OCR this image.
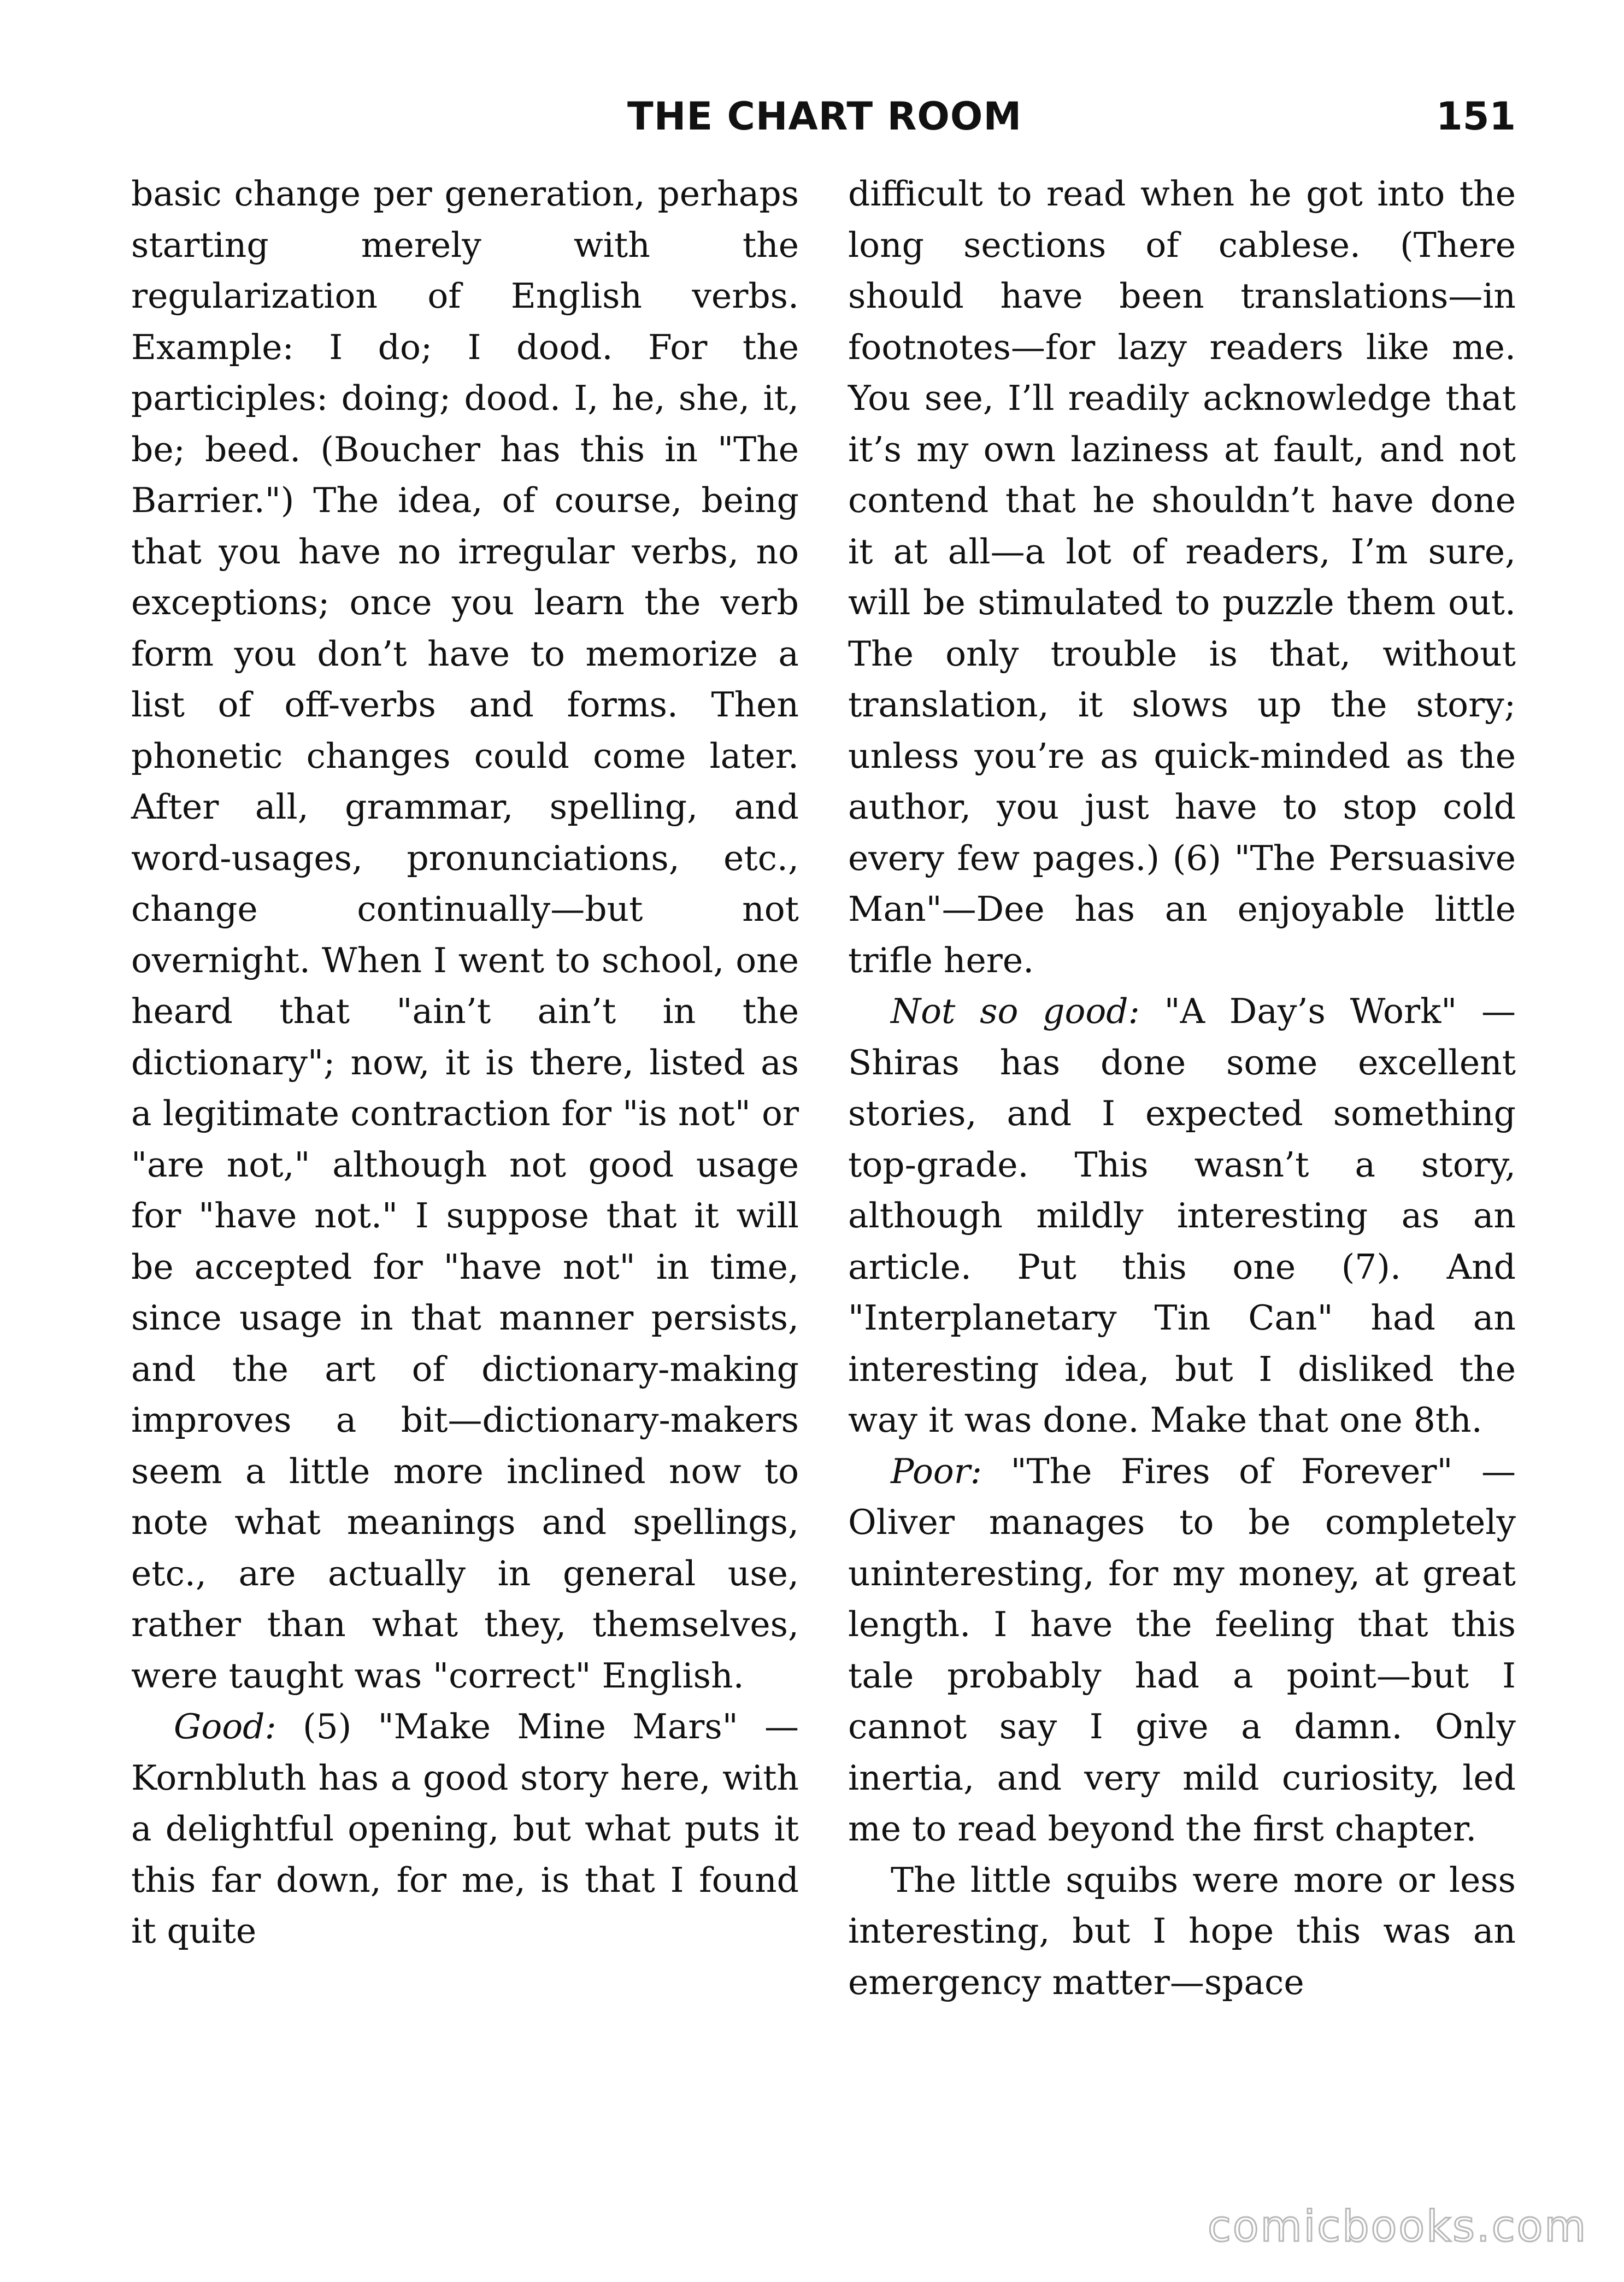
THE CHART ROOM	151

basic change per generation, perhaps starting merely with the regularization of English verbs. Example: I do; I dood. For the participles: doing; dood. I, he, she, it, be; beed. (Boucher has this in "The Barrier.") The idea, of course, being that you have no irregular verbs, no exceptions; once you learn the verb form you don’t have to memorize a list of off-verbs and forms. Then phonetic changes could come later. After all, grammar, spelling, and word-usages, pronunciations, etc., change continually—but not overnight. When I went to school, one heard that "ain’t ain’t in the dictionary"; now, it is there, listed as a legitimate contraction for "is not" or "are not," although not good usage for "have not." I suppose that it will be accepted for "have not" in time, since usage in that manner persists, and the art of dictionary-making improves a bit—dictionary-makers seem a little more inclined now to note what meanings and spellings, etc., are actually in general use, rather than what they, themselves, were taught was "correct" English.

Good: (5) "Make Mine Mars" —Kornbluth has a good story here, with a delightful opening, but what puts it this far down, for me, is that I found it quite

difficult to read when he got into the long sections of cablese. (There should have been translations—in footnotes—for lazy readers like me. You see, I’ll readily acknowledge that it’s my own laziness at fault, and not contend that he shouldn’t have done it at all—a lot of readers, I’m sure, will be stimulated to puzzle them out. The only trouble is that, without translation, it slows up the story; unless you’re as quick-minded as the author, you just have to stop cold every few pages.) (6) "The Persuasive Man"—Dee has an enjoyable little trifle here.

Not so good: "A Day’s Work" —Shiras has done some excellent stories, and I expected something top-grade. This wasn’t a story, although mildly interesting as an article. Put this one (7). And "Interplanetary Tin Can" had an interesting idea, but I disliked the way it was done. Make that one 8th.

Poor: "The Fires of Forever" —Oliver manages to be completely uninteresting, for my money, at great length. I have the feeling that this tale probably had a point—but I cannot say I give a damn. Only inertia, and very mild curiosity, led me to read beyond the first chapter.

The little squibs were more or less interesting, but I hope this was an emergency matter—space

comicbooks.com
